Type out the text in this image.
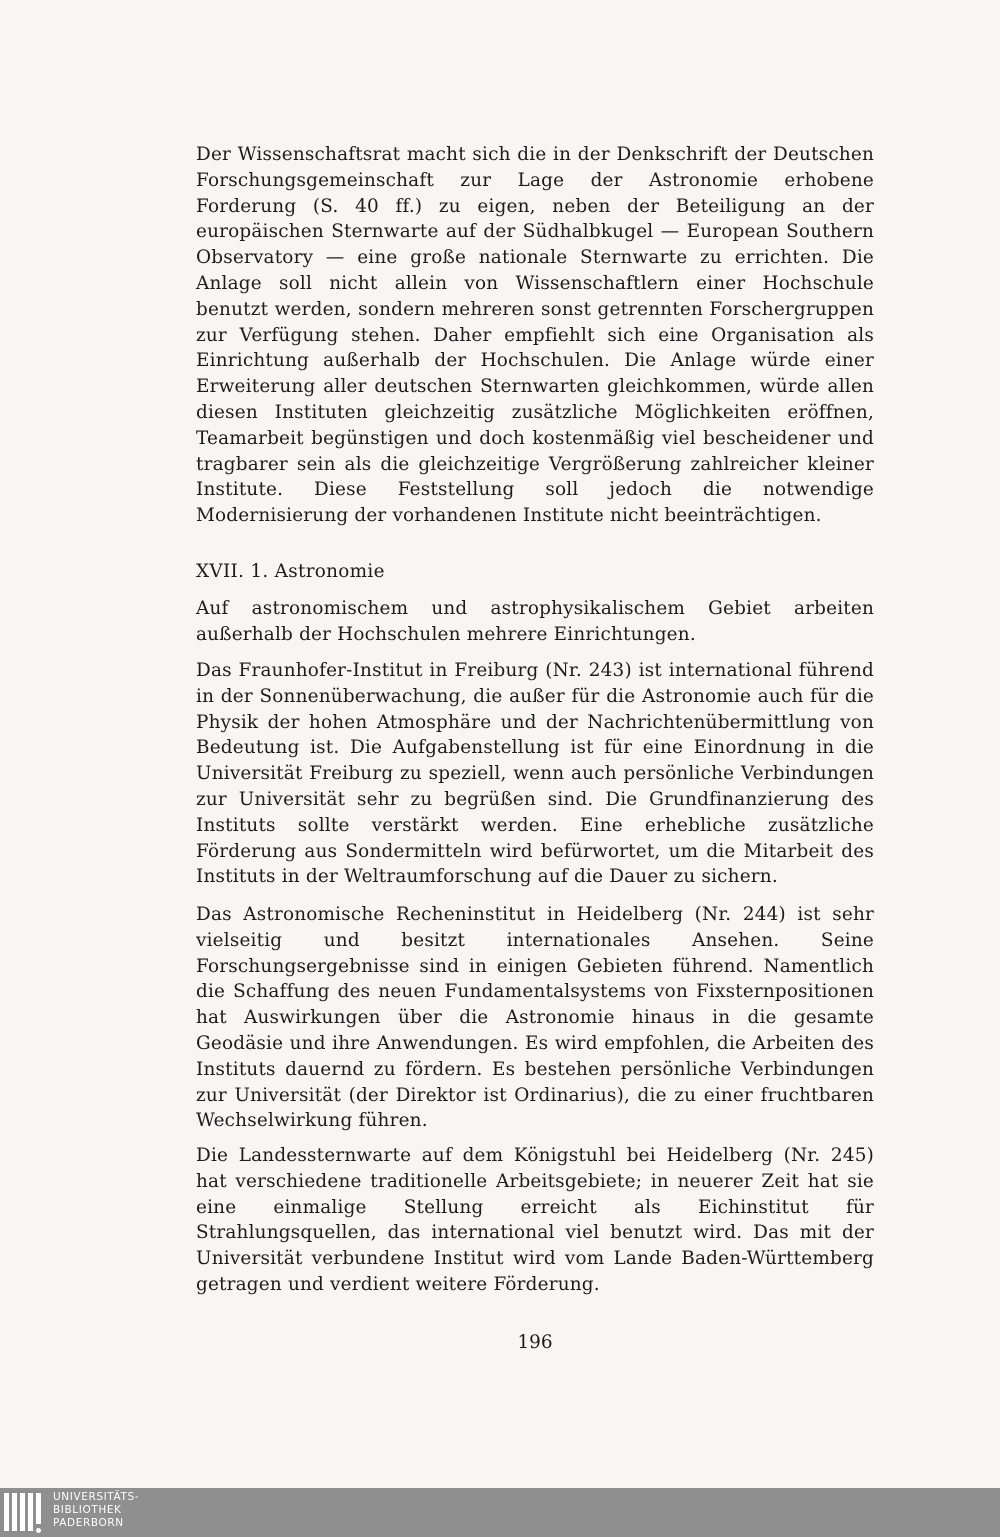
Der Wissenschaftsrat macht sich die in der Denkschrift der Deutschen Forschungsgemeinschaft zur Lage der Astronomie erhobene Forderung (S. 40 ff.) zu eigen, neben der Beteiligung an der europäischen Sternwarte auf der Südhalbkugel — European Southern Observatory — eine große nationale Sternwarte zu errichten. Die Anlage soll nicht allein von Wissenschaftlern einer Hochschule benutzt werden, sondern mehreren sonst getrennten Forschergruppen zur Verfügung stehen. Daher empfiehlt sich eine Organisation als Einrichtung außerhalb der Hochschulen. Die Anlage würde einer Erweiterung aller deutschen Sternwarten gleichkommen, würde allen diesen Instituten gleichzeitig zusätzliche Möglichkeiten eröffnen, Teamarbeit begünstigen und doch kostenmäßig viel bescheidener und tragbarer sein als die gleichzeitige Vergrößerung zahlreicher kleiner Institute. Diese Feststellung soll jedoch die notwendige Modernisierung der vorhandenen Institute nicht beeinträchtigen.

XVII. 1. Astronomie

Auf astronomischem und astrophysikalischem Gebiet arbeiten außerhalb der Hochschulen mehrere Einrichtungen.

Das Fraunhofer-Institut in Freiburg (Nr. 243) ist international führend in der Sonnenüberwachung, die außer für die Astronomie auch für die Physik der hohen Atmosphäre und der Nachrichtenübermittlung von Bedeutung ist. Die Aufgabenstellung ist für eine Einordnung in die Universität Freiburg zu speziell, wenn auch persönliche Verbindungen zur Universität sehr zu begrüßen sind. Die Grundfinanzierung des Instituts sollte verstärkt werden. Eine erhebliche zusätzliche Förderung aus Sondermitteln wird befürwortet, um die Mitarbeit des Instituts in der Weltraumforschung auf die Dauer zu sichern.

Das Astronomische Recheninstitut in Heidelberg (Nr. 244) ist sehr vielseitig und besitzt internationales Ansehen. Seine Forschungsergebnisse sind in einigen Gebieten führend. Namentlich die Schaffung des neuen Fundamentalsystems von Fixsternpositionen hat Auswirkungen über die Astronomie hinaus in die gesamte Geodäsie und ihre Anwendungen. Es wird empfohlen, die Arbeiten des Instituts dauernd zu fördern. Es bestehen persönliche Verbindungen zur Universität (der Direktor ist Ordinarius), die zu einer fruchtbaren Wechselwirkung führen.

Die Landessternwarte auf dem Königstuhl bei Heidelberg (Nr. 245) hat verschiedene traditionelle Arbeitsgebiete; in neuerer Zeit hat sie eine einmalige Stellung erreicht als Eichinstitut für Strahlungsquellen, das international viel benutzt wird. Das mit der Universität verbundene Institut wird vom Lande Baden-Württemberg getragen und verdient weitere Förderung.

196
UNIVERSITÄTS-
BIBLIOTHEK
PADERBORN
